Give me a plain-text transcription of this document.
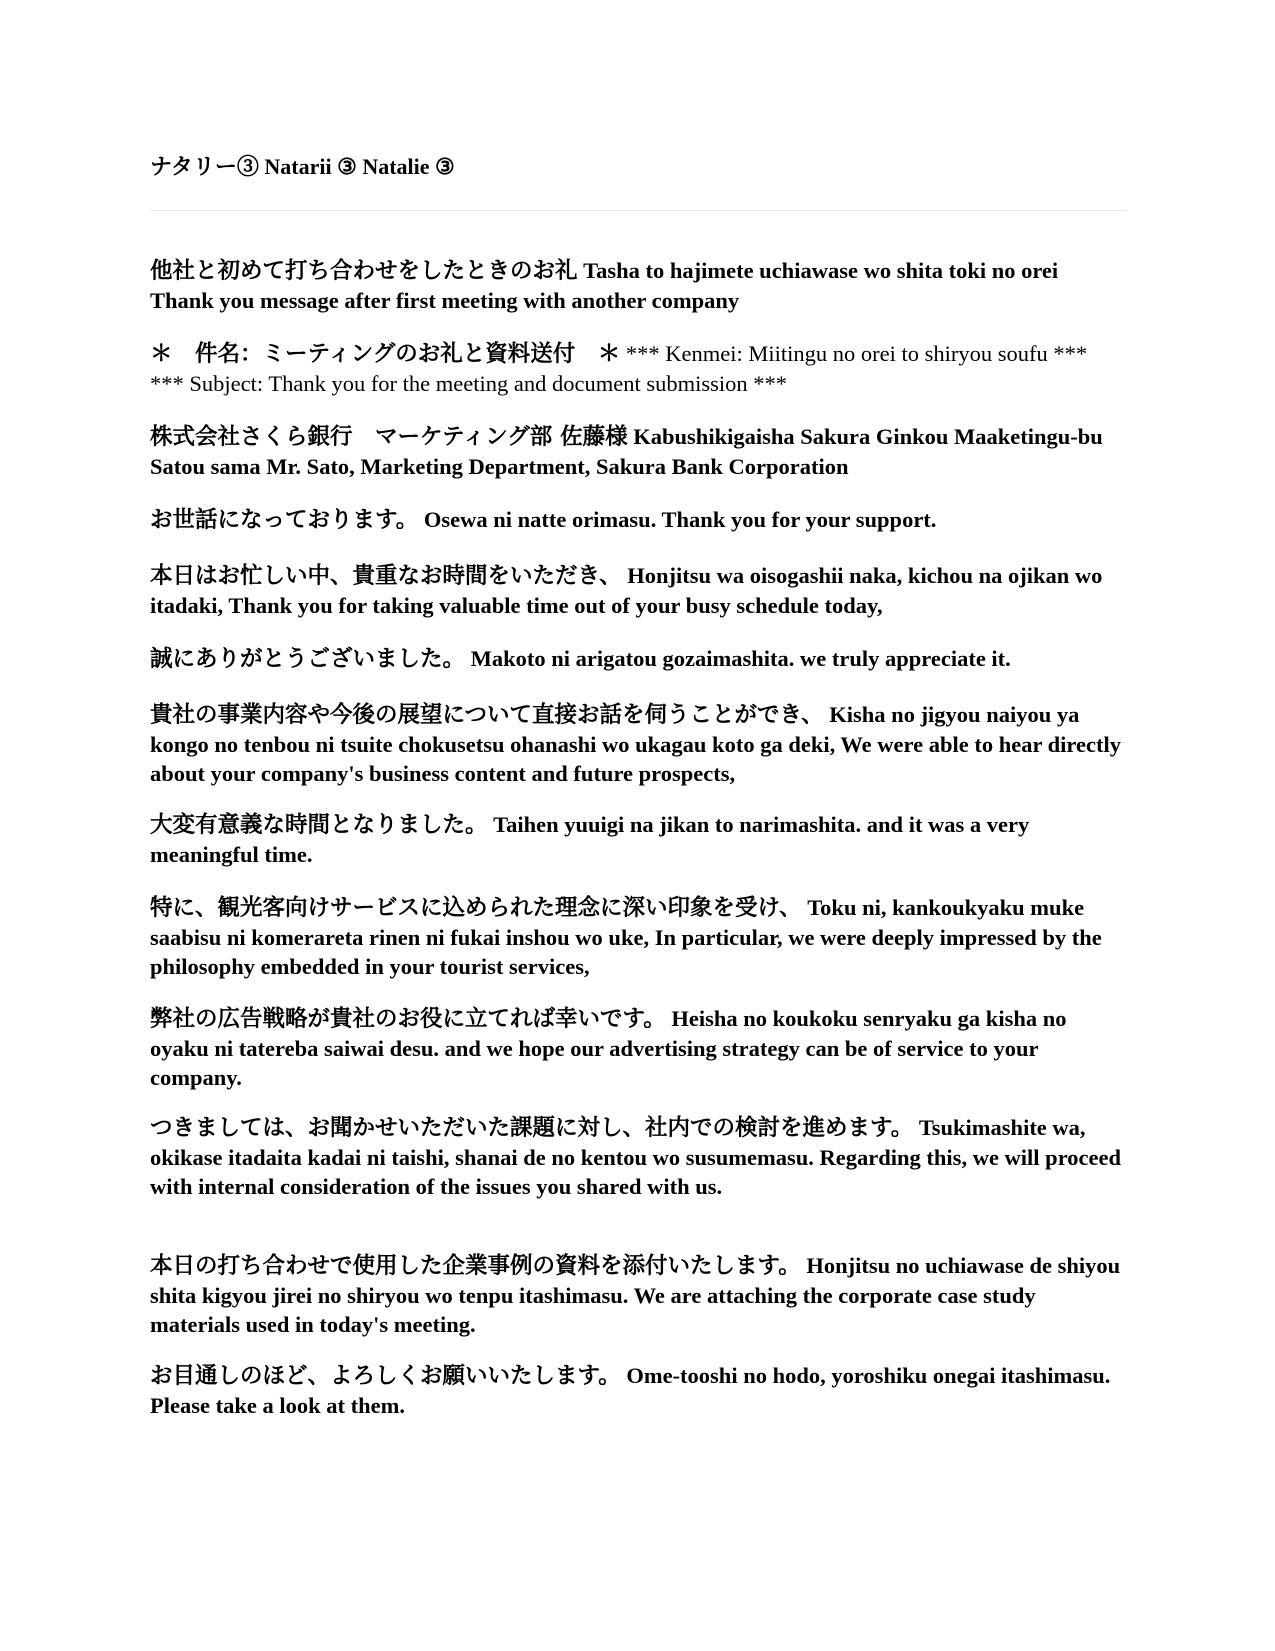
ナタリー③ Natarii ③ Natalie ③

他社と初めて打ち合わせをしたときのお礼 Tasha to hajimete uchiawase wo shita toki no orei Thank you message after first meeting with another company

＊　件名：ミーティングのお礼と資料送付　＊ *** Kenmei: Miitingu no orei to shiryou soufu *** *** Subject: Thank you for the meeting and document submission ***

株式会社さくら銀行　マーケティング部 佐藤様 Kabushikigaisha Sakura Ginkou Maaketingu-bu Satou sama Mr. Sato, Marketing Department, Sakura Bank Corporation

お世話になっております。 Osewa ni natte orimasu. Thank you for your support.

本日はお忙しい中、貴重なお時間をいただき、 Honjitsu wa oisogashii naka, kichou na ojikan wo itadaki, Thank you for taking valuable time out of your busy schedule today,

誠にありがとうございました。 Makoto ni arigatou gozaimashita. we truly appreciate it.

貴社の事業内容や今後の展望について直接お話を伺うことができ、 Kisha no jigyou naiyou ya kongo no tenbou ni tsuite chokusetsu ohanashi wo ukagau koto ga deki, We were able to hear directly about your company's business content and future prospects,

大変有意義な時間となりました。 Taihen yuuigi na jikan to narimashita. and it was a very meaningful time.

特に、観光客向けサービスに込められた理念に深い印象を受け、 Toku ni, kankoukyaku muke saabisu ni komerareta rinen ni fukai inshou wo uke, In particular, we were deeply impressed by the philosophy embedded in your tourist services,

弊社の広告戦略が貴社のお役に立てれば幸いです。 Heisha no koukoku senryaku ga kisha no oyaku ni tatereba saiwai desu. and we hope our advertising strategy can be of service to your company.

つきましては、お聞かせいただいた課題に対し、社内での検討を進めます。 Tsukimashite wa, okikase itadaita kadai ni taishi, shanai de no kentou wo susumemasu. Regarding this, we will proceed with internal consideration of the issues you shared with us.

本日の打ち合わせで使用した企業事例の資料を添付いたします。 Honjitsu no uchiawase de shiyou shita kigyou jirei no shiryou wo tenpu itashimasu. We are attaching the corporate case study materials used in today's meeting.

お目通しのほど、よろしくお願いいたします。 Ome-tooshi no hodo, yoroshiku onegai itashimasu. Please take a look at them.
